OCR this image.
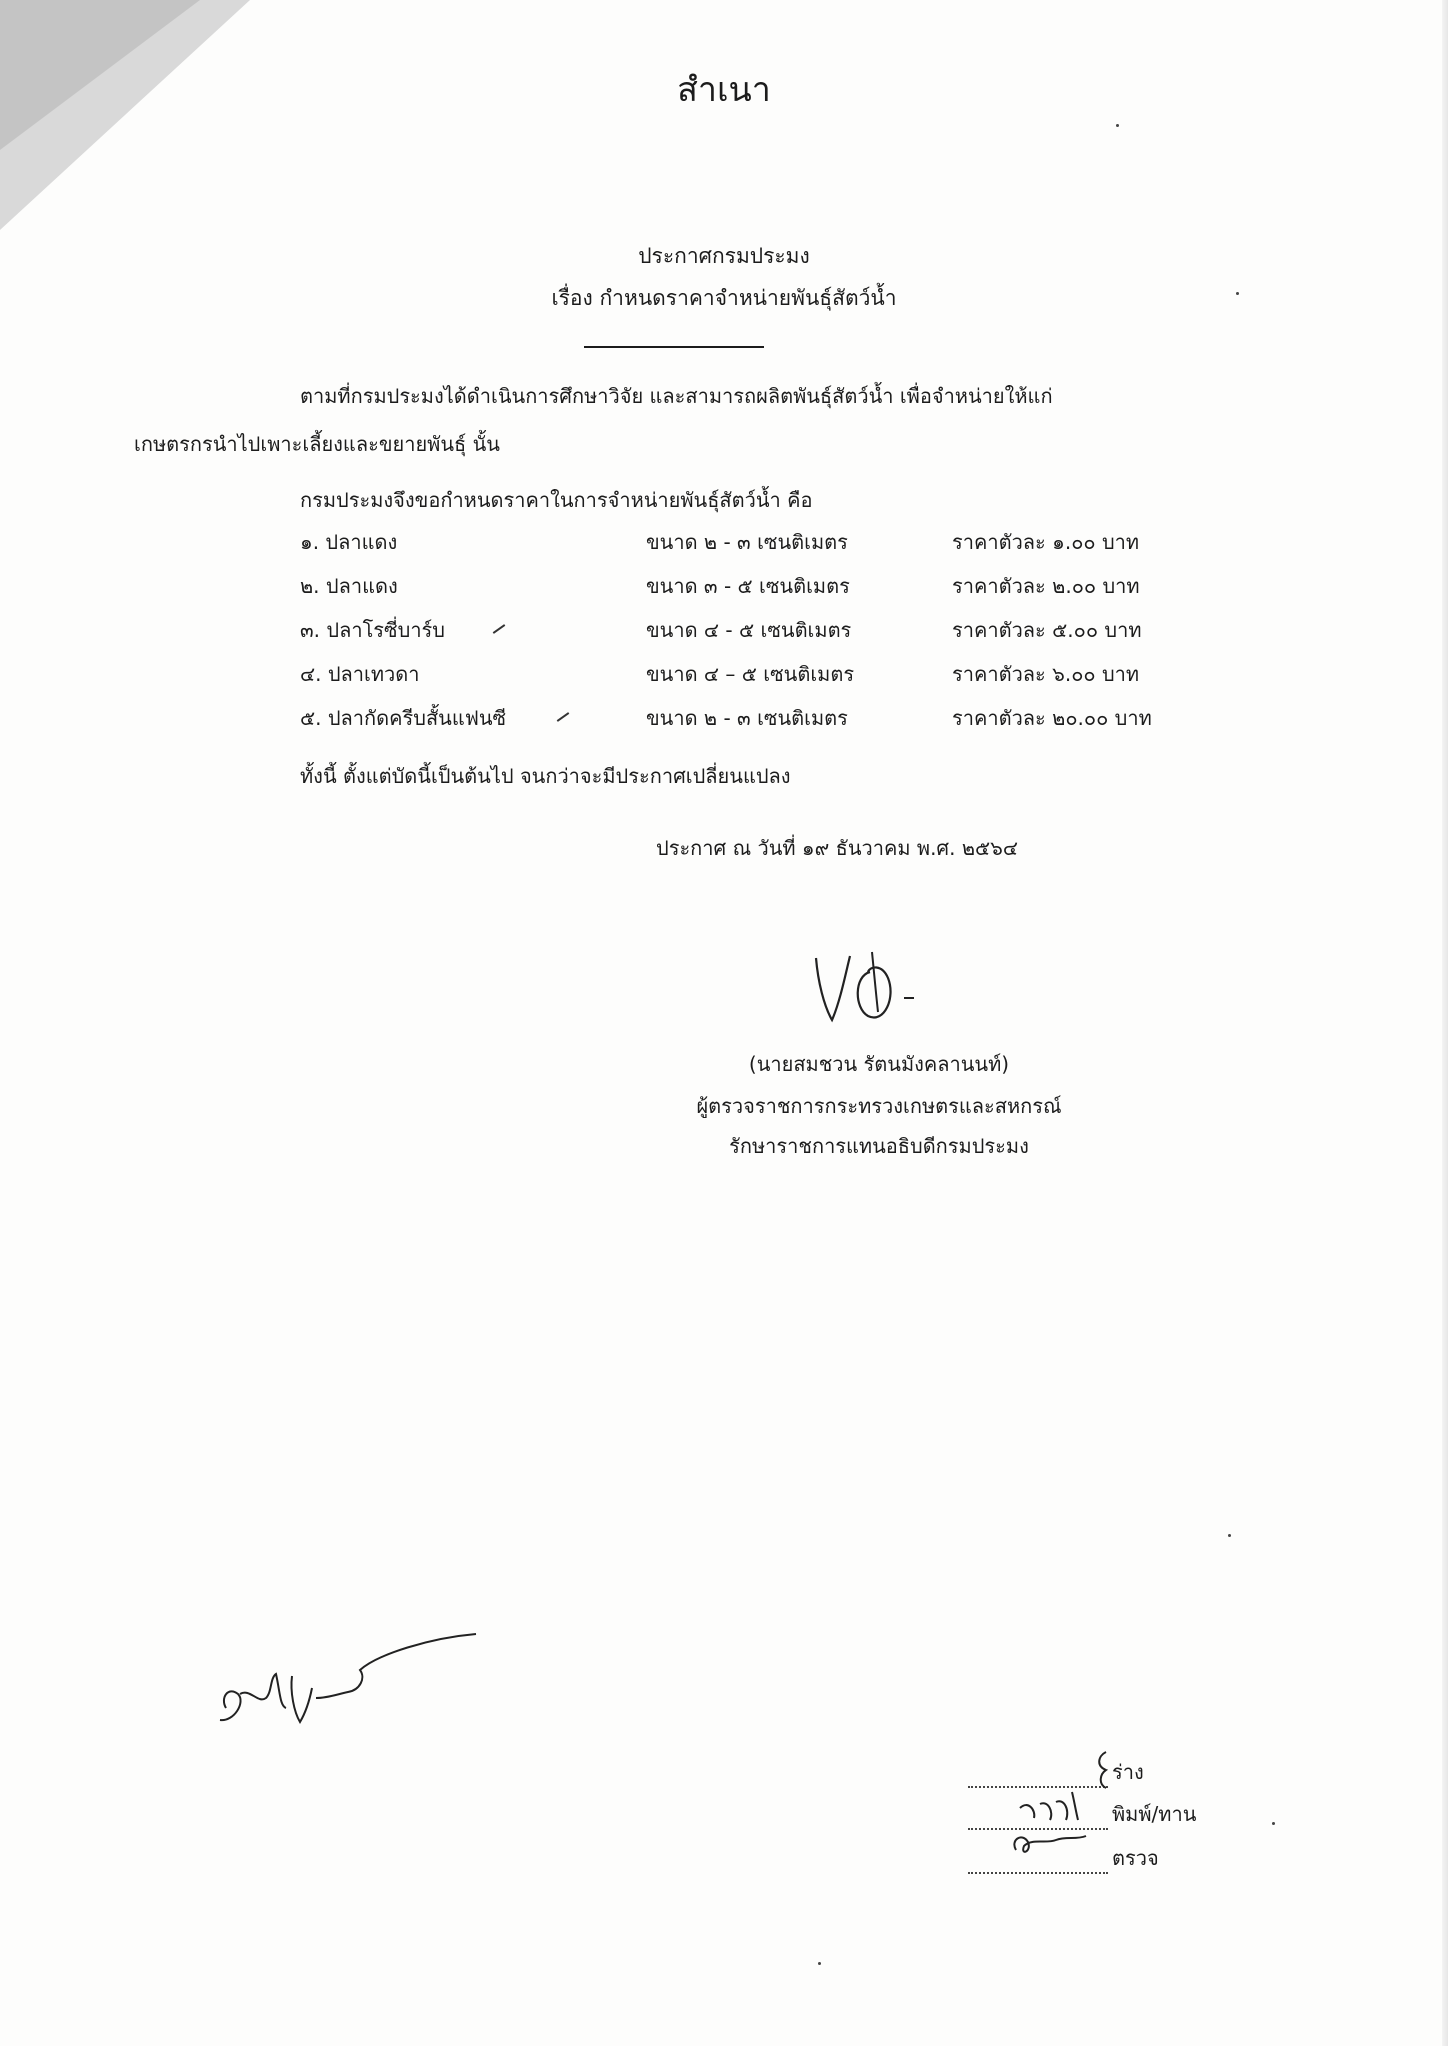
สำเนา
ประกาศกรมประมง
เรื่อง กำหนดราคาจำหน่ายพันธุ์สัตว์น้ำ
ตามที่กรมประมงได้ดำเนินการศึกษาวิจัย และสามารถผลิตพันธุ์สัตว์น้ำ เพื่อจำหน่ายให้แก่
เกษตรกรนำไปเพาะเลี้ยงและขยายพันธุ์ นั้น
กรมประมงจึงขอกำหนดราคาในการจำหน่ายพันธุ์สัตว์น้ำ คือ
๑. ปลาแดง	ขนาด ๒ - ๓ เซนติเมตร	ราคาตัวละ ๑.๐๐ บาท
๒. ปลาแดง	ขนาด ๓ - ๕ เซนติเมตร	ราคาตัวละ ๒.๐๐ บาท
๓. ปลาโรซี่บาร์บ	ขนาด ๔ - ๕ เซนติเมตร	ราคาตัวละ ๕.๐๐ บาท
๔. ปลาเทวดา	ขนาด ๔ – ๕ เซนติเมตร	ราคาตัวละ ๖.๐๐ บาท
๕. ปลากัดครีบสั้นแฟนซี	ขนาด ๒ - ๓ เซนติเมตร	ราคาตัวละ ๒๐.๐๐ บาท
ทั้งนี้ ตั้งแต่บัดนี้เป็นต้นไป จนกว่าจะมีประกาศเปลี่ยนแปลง
ประกาศ ณ วันที่ ๑๙ ธันวาคม พ.ศ. ๒๕๖๔
(นายสมชวน รัตนมังคลานนท์)
ผู้ตรวจราชการกระทรวงเกษตรและสหกรณ์
รักษาราชการแทนอธิบดีกรมประมง
ร่าง
พิมพ์/ทาน
ตรวจ
